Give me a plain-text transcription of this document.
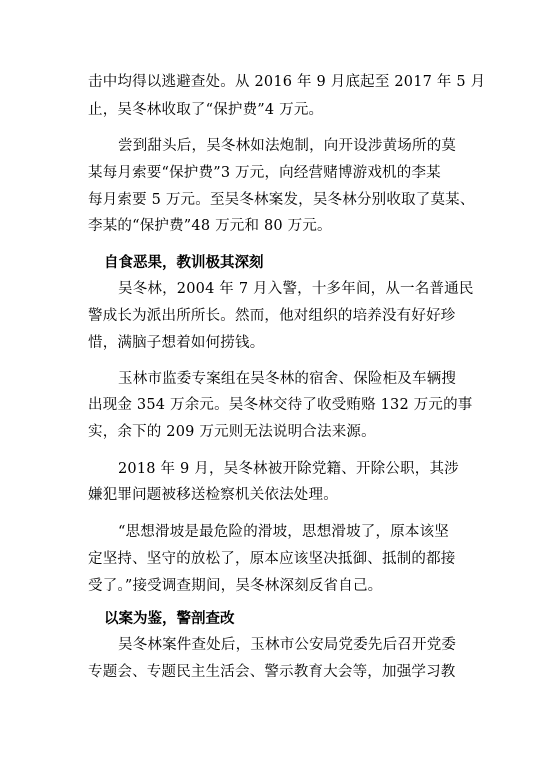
击中均得以逃避查处。从 2016 年 9 月底起至 2017 年 5 月
止，吴冬林收取了“保护费”4 万元。
尝到甜头后，吴冬林如法炮制，向开设涉黄场所的莫
某每月索要“保护费”3 万元，向经营赌博游戏机的李某
每月索要 5 万元。至吴冬林案发，吴冬林分别收取了莫某、
李某的“保护费”48 万元和 80 万元。
自食恶果，教训极其深刻
吴冬林，2004 年 7 月入警，十多年间，从一名普通民
警成长为派出所所长。然而，他对组织的培养没有好好珍
惜，满脑子想着如何捞钱。
玉林市监委专案组在吴冬林的宿舍、保险柜及车辆搜
出现金 354 万余元。吴冬林交待了收受贿赂 132 万元的事
实，余下的 209 万元则无法说明合法来源。
2018 年 9 月，吴冬林被开除党籍、开除公职，其涉
嫌犯罪问题被移送检察机关依法处理。
“思想滑坡是最危险的滑坡，思想滑坡了，原本该坚
定坚持、坚守的放松了，原本应该坚决抵御、抵制的都接
受了。”接受调查期间，吴冬林深刻反省自己。
以案为鉴，警剖查改
吴冬林案件查处后，玉林市公安局党委先后召开党委
专题会、专题民主生活会、警示教育大会等，加强学习教
